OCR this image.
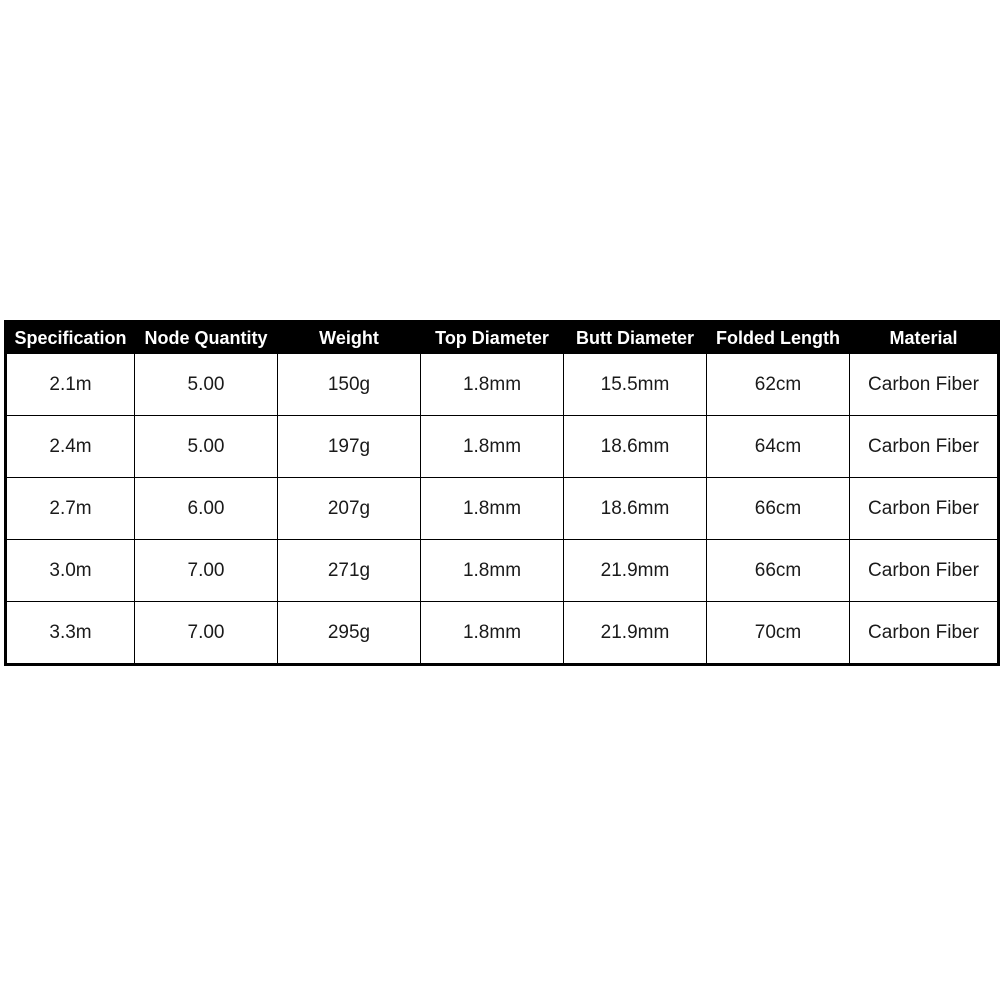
Specification	Node Quantity	Weight	Top Diameter	Butt Diameter	Folded Length	Material
2.1m	5.00	150g	1.8mm	15.5mm	62cm	Carbon Fiber
2.4m	5.00	197g	1.8mm	18.6mm	64cm	Carbon Fiber
2.7m	6.00	207g	1.8mm	18.6mm	66cm	Carbon Fiber
3.0m	7.00	271g	1.8mm	21.9mm	66cm	Carbon Fiber
3.3m	7.00	295g	1.8mm	21.9mm	70cm	Carbon Fiber
